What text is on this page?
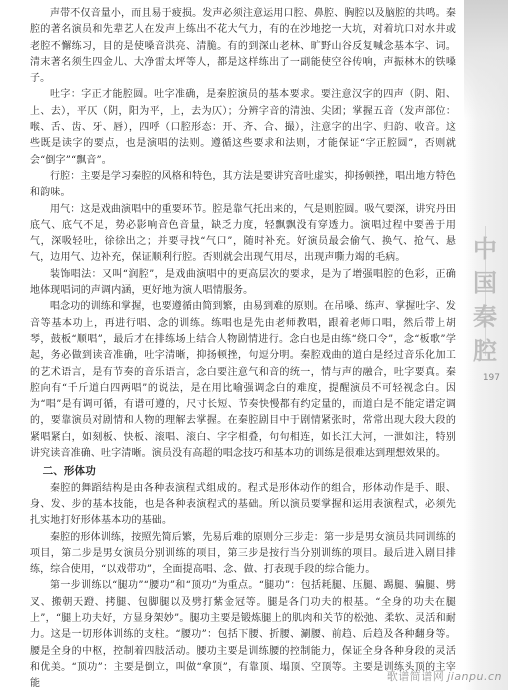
声带不仅音量小，而且易于疲损。发声必须注意运用口腔、鼻腔、胸腔以及脑腔的共鸣。秦腔的著名演员和先辈艺人在发声上练出不花大气力，有的在沙地挖一大坑，对着坑口对水井或老腔不懈练习，目的是使嗓音洪亮、清脆。有的到深山老林、旷野山谷反复喊念基本字、词。清末著名须生四金儿、大净雷太坪等人，都是这样练出了一副能使空谷传响，声振林木的铁嗓子。

吐字：字正才能腔圆。吐字准确，是秦腔演员的基本要求。要注意汉字的四声（阴、阳、上、去），平仄（阴，阳为平，上，去为仄）；分辨字音的清浊、尖团；掌握五音（发声部位：喉、舌、齿、牙、唇），四呼（口腔形态：开、齐、合、撮），注意字的出字、归韵、收音。这些既是读字的要点，也是演唱的法则。遵循这些要求和法则，才能保证“字正腔圆”，否则就会“倒字”“飘音”。

行腔：主要是学习秦腔的风格和特色，其方法是要讲究音吐虚实，抑扬顿挫，唱出地方特色和韵味。

用气：这是戏曲演唱中的重要环节。腔是靠气托出来的，气是则腔圆。吸气要深，讲究丹田底气、底气不足，势必影响音色音量，缺乏力度，轻飘飘没有穿透力。演唱过程中要善于用气，深吸轻吐，徐徐出之；并要寻找“气口”，随时补充。好演员最会偷气、换气、抢气、悬气，边用气、边补充，保证顺利行腔。否则就会出现气用尽，出现声嘶力竭的毛病。

装饰唱法：又叫“润腔”，是戏曲演唱中的更高层次的要求，是为了增强唱腔的色彩，正确地体现唱词的声调内涵，更好地为演人唱情服务。

唱念功的训练和掌握，也要遵循由简到繁，由易到难的原则。在吊嗓、练声、掌握吐字、发音等基本功上，再进行唱、念的训练。练唱也是先由老师教唱，跟着老师口唱，然后带上胡琴，鼓板“顺唱”，最后才在排练场上结合人物剧情进行。念白也是由练“绕口令”，念“板歌”学起，务必做到读音准确，吐字清晰，抑扬顿挫，句逗分明。秦腔戏曲的道白是经过音乐化加工的艺术语言，是有节奏的音乐语言，念白要注意气和音的统一，情与声的融合，吐字要真。秦腔向有“千斤道白四两唱”的说法，是在用比喻强调念白的难度，提醒演员不可轻视念白。因为“唱”是有调可循，有谱可遵的，尺寸长短、节奏快慢都有约定量的，而道白是不能定谱定调的，要靠演员对剧情和人物的理解去掌握。在秦腔剧目中于剧情紧张时，常常出现大段大段的紧唱紧白，如刻板、快板、滚唱、滚白、字字相叠，句句相连，如长江大河，一泄如注，特别讲究读音准确、吐字清晰。演员没有高超的唱念技巧和基本功的训练是很难达到理想效果的。

二、形体功

秦腔的舞蹈结构是由各种表演程式组成的。程式是形体动作的组合，形体动作是手、眼、身、发、步的基本技能，也是各种表演程式的基础。所以演员要掌握和运用表演程式，必须先扎实地打好形体基本功的基础。

秦腔的形体训练，按照先简后繁，先易后难的原则分三步走：第一步是男女演员共同训练的项目，第二步是男女演员分别训练的项目，第三步是按行当分别训练的项目。最后进入剧目排练，综合使用，“以戏带功”，全面提高唱、念、做、打表现手段的综合能力。

第一步训练以“腿功”“腰功”和“顶功”为重点。“腿功”：包括耗腿、压腿、踢腿、骗腿、劈叉、搬朝天蹬、拷腿、包脚腿以及劈打紫金冠等。腿是各门功夫的根基。“全身的功夫在腿上”，“腿上功夫好，方显身架妙”。腿功主要是锻炼腿上的肌肉和关节的松弛、柔软、灵活和耐力。这是一切形体训练的支柱。“腰功”：包括下腰、折腰、涮腰、前趋、后趋及各种翻身等。腰是全身的中枢，控制着四肢活动。腰功主要是训练腰的控制能力，保证全身各种身段的灵活和优美。“顶功”：主要是倒立，叫做“拿顶”，有靠顶、塌顶、空顶等。主要是训练头顶的主宰能

中
国
秦
腔
197
歌谱简谱网 jianpu.cn
